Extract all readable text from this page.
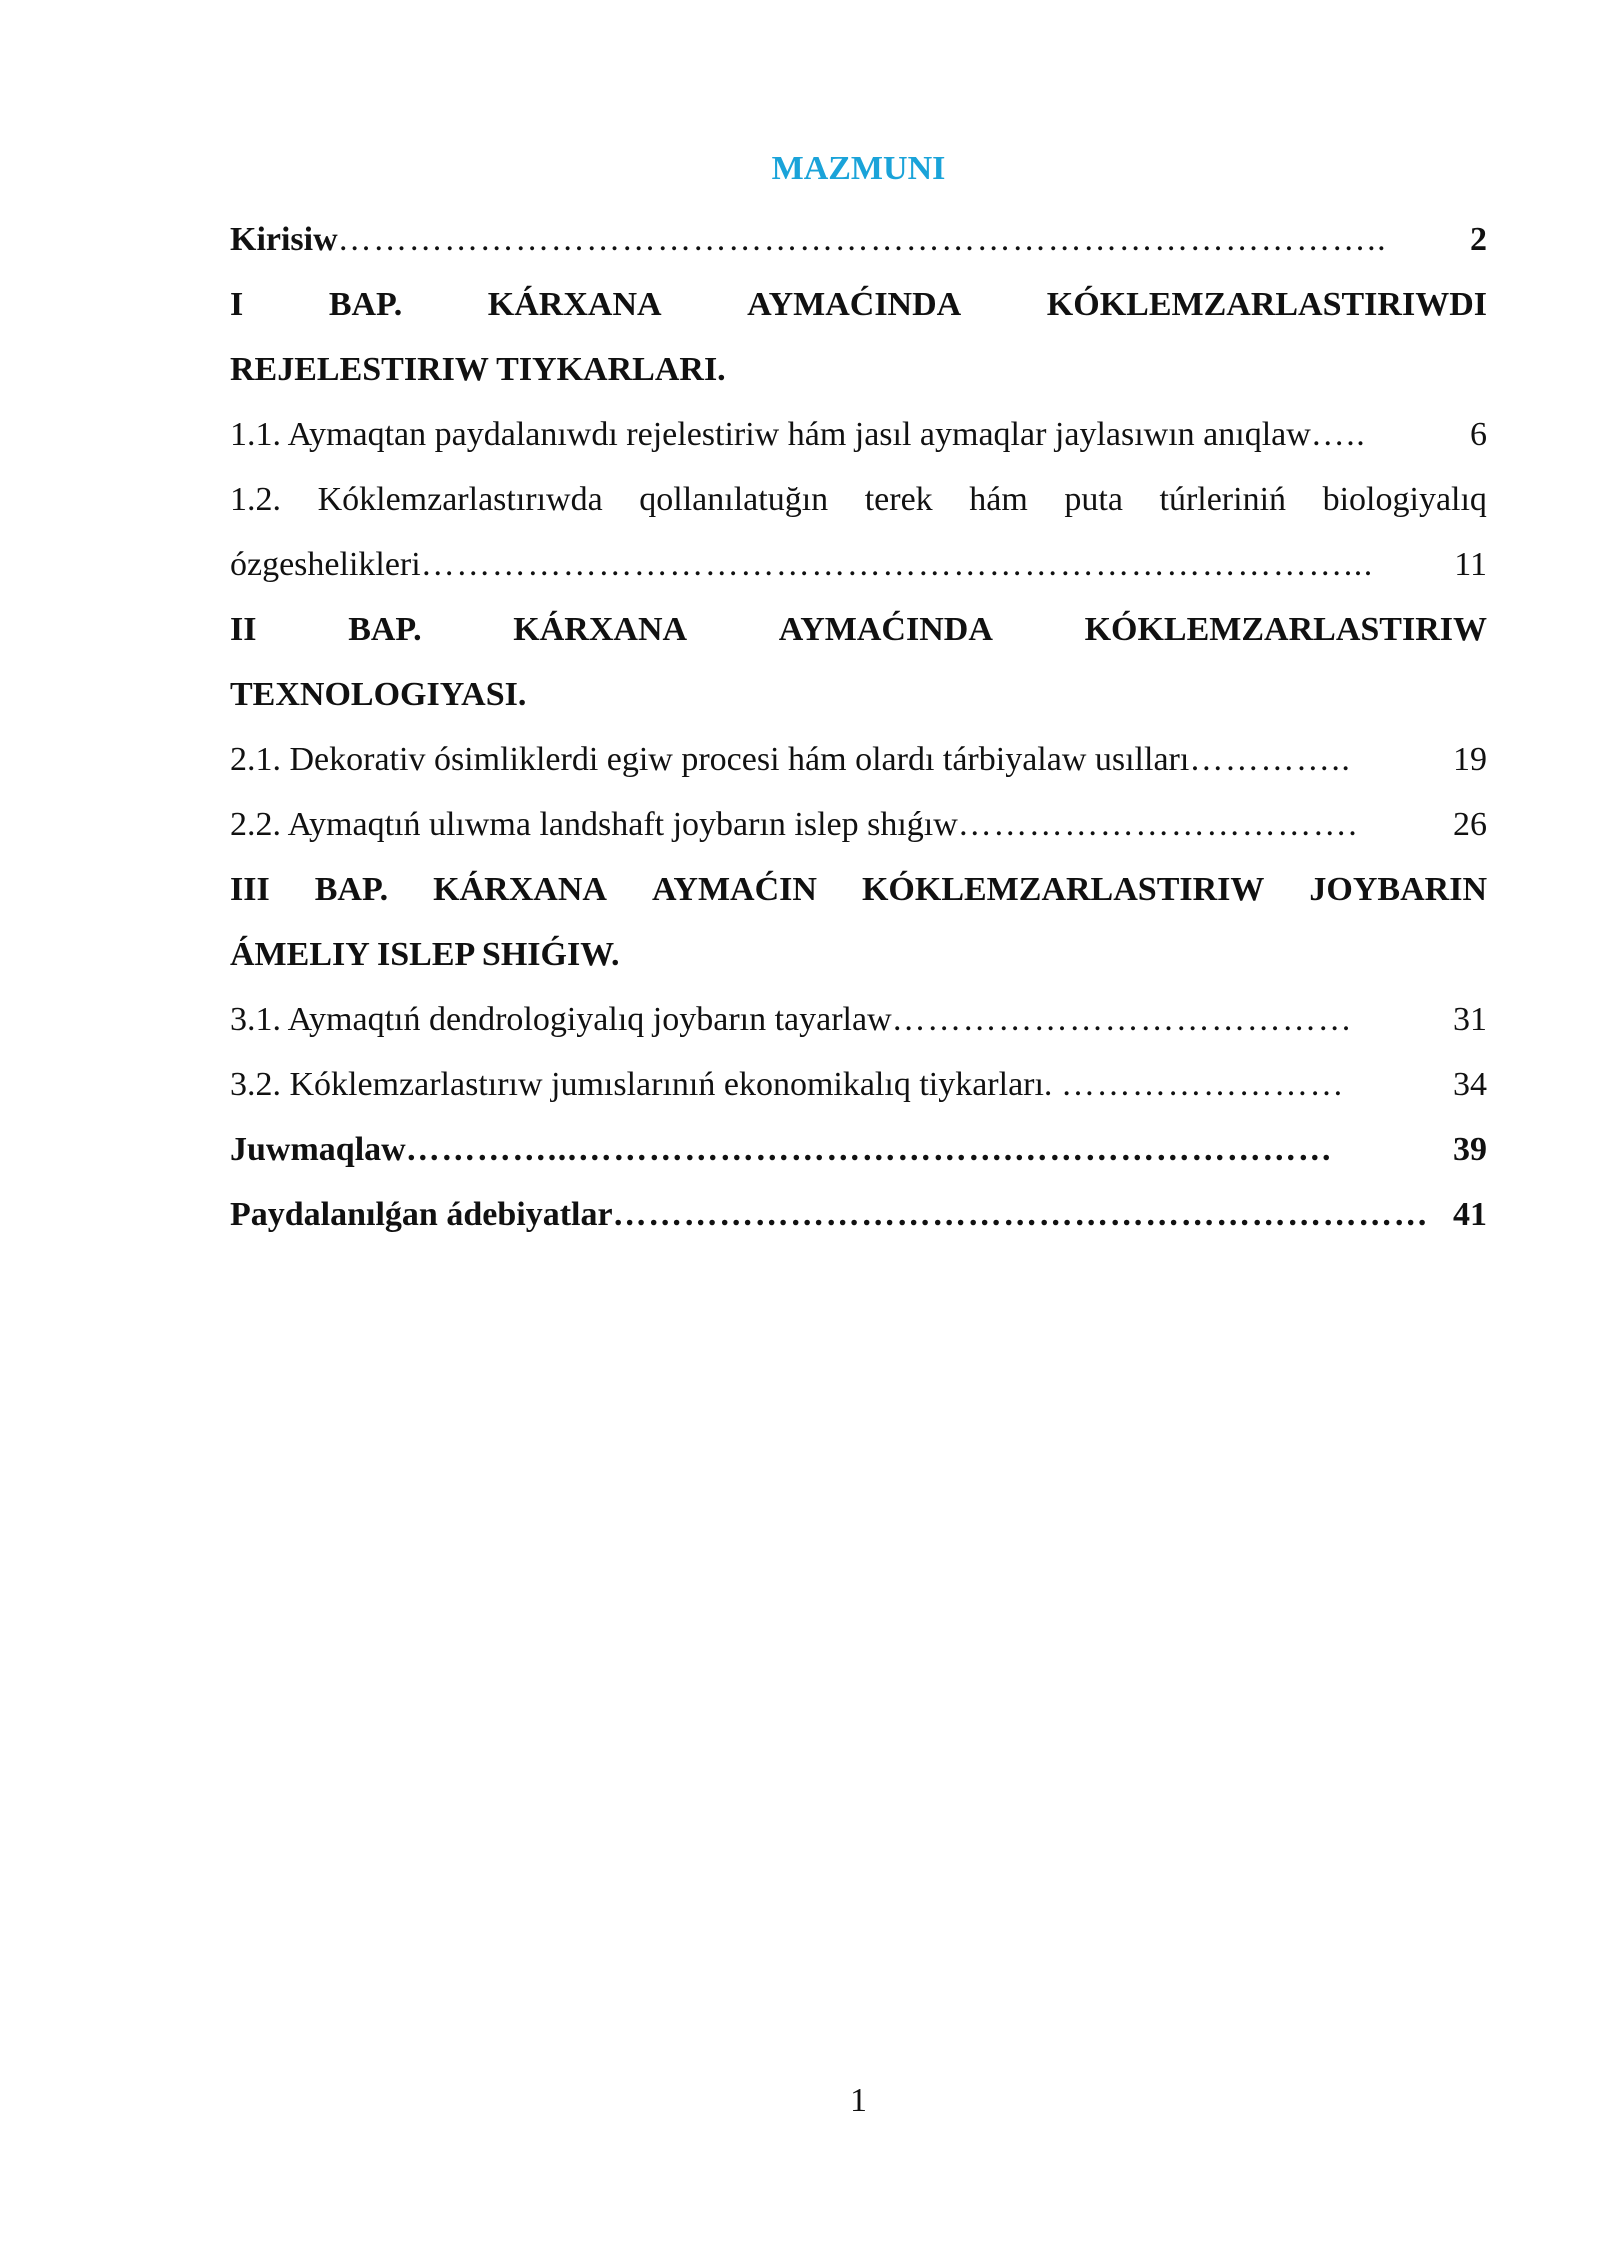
MAZMUNI
Kirisiw ……………………………………………………………………………..	2
I	BAP.	KÁRXANA	AYMAĆINDA	KÓKLEMZARLASTIRIWDI
REJELESTIRIW TIYKARLARI.
1.1. Aymaqtan paydalanıwdı rejelestiriw hám jasıl aymaqlar jaylasıwın anıqlaw …..	6
1.2. Kóklemzarlastırıwda qollanılatuğın terek hám puta túrleriniń biologiyalıq
ózgeshelikleri ……………………………………………………………………...	11
II	BAP.	KÁRXANA	AYMAĆINDA	KÓKLEMZARLASTIRIW
TEXNOLOGIYASI.
2.1. Dekorativ ósimliklerdi egiw procesi hám olardı tárbiyalaw usılları …………..	19
2.2. Aymaqtıń ulıwma landshaft joybarın islep shıǵıw …………………………….	26
III BAP. KÁRXANA AYMAĆIN KÓKLEMZARLASTIRIW JOYBARIN
ÁMELIY ISLEP SHIǴIW.
3.1. Aymaqtıń dendrologiyalıq joybarın tayarlaw …………………………………	31
3.2. Kóklemzarlastırıw jumıslarınıń ekonomikalıq tiykarları. ……………………	34
Juwmaqlaw …………...……………………………….………………………	39
Paydalanılǵan ádebiyatlar …………………………………………………………… 41
1
